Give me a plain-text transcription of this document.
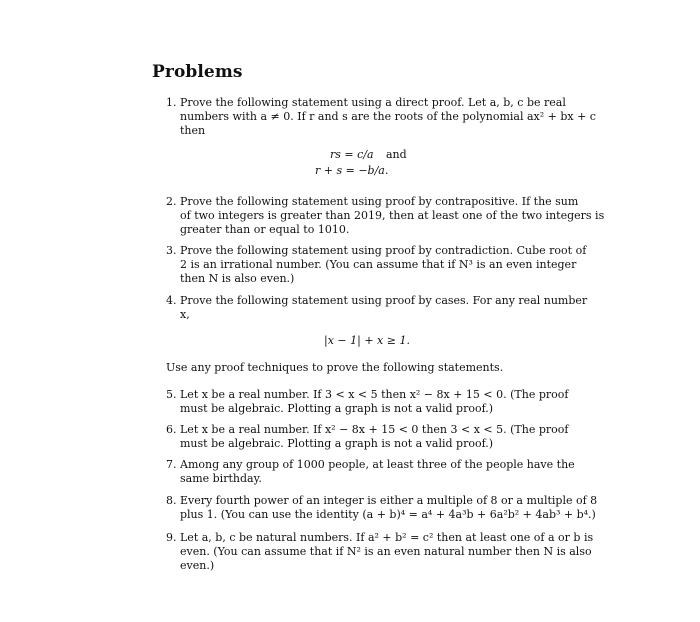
Problems
1. Prove the following statement using a direct proof. Let a, b, c be real
numbers with a ≠ 0. If r and s are the roots of the polynomial ax² + bx + c
then
rs = c/a and
r + s = −b/a.
2. Prove the following statement using proof by contrapositive. If the sum
of two integers is greater than 2019, then at least one of the two integers is
greater than or equal to 1010.
3. Prove the following statement using proof by contradiction. Cube root of
2 is an irrational number. (You can assume that if N³ is an even integer
then N is also even.)
4. Prove the following statement using proof by cases. For any real number
x,
|x − 1| + x ≥ 1.
Use any proof techniques to prove the following statements.
5. Let x be a real number. If 3 < x < 5 then x² − 8x + 15 < 0. (The proof
must be algebraic. Plotting a graph is not a valid proof.)
6. Let x be a real number. If x² − 8x + 15 < 0 then 3 < x < 5. (The proof
must be algebraic. Plotting a graph is not a valid proof.)
7. Among any group of 1000 people, at least three of the people have the
same birthday.
8. Every fourth power of an integer is either a multiple of 8 or a multiple of 8
plus 1. (You can use the identity (a + b)⁴ = a⁴ + 4a³b + 6a²b² + 4ab³ + b⁴.)
9. Let a, b, c be natural numbers. If a² + b² = c² then at least one of a or b is
even. (You can assume that if N² is an even natural number then N is also
even.)
